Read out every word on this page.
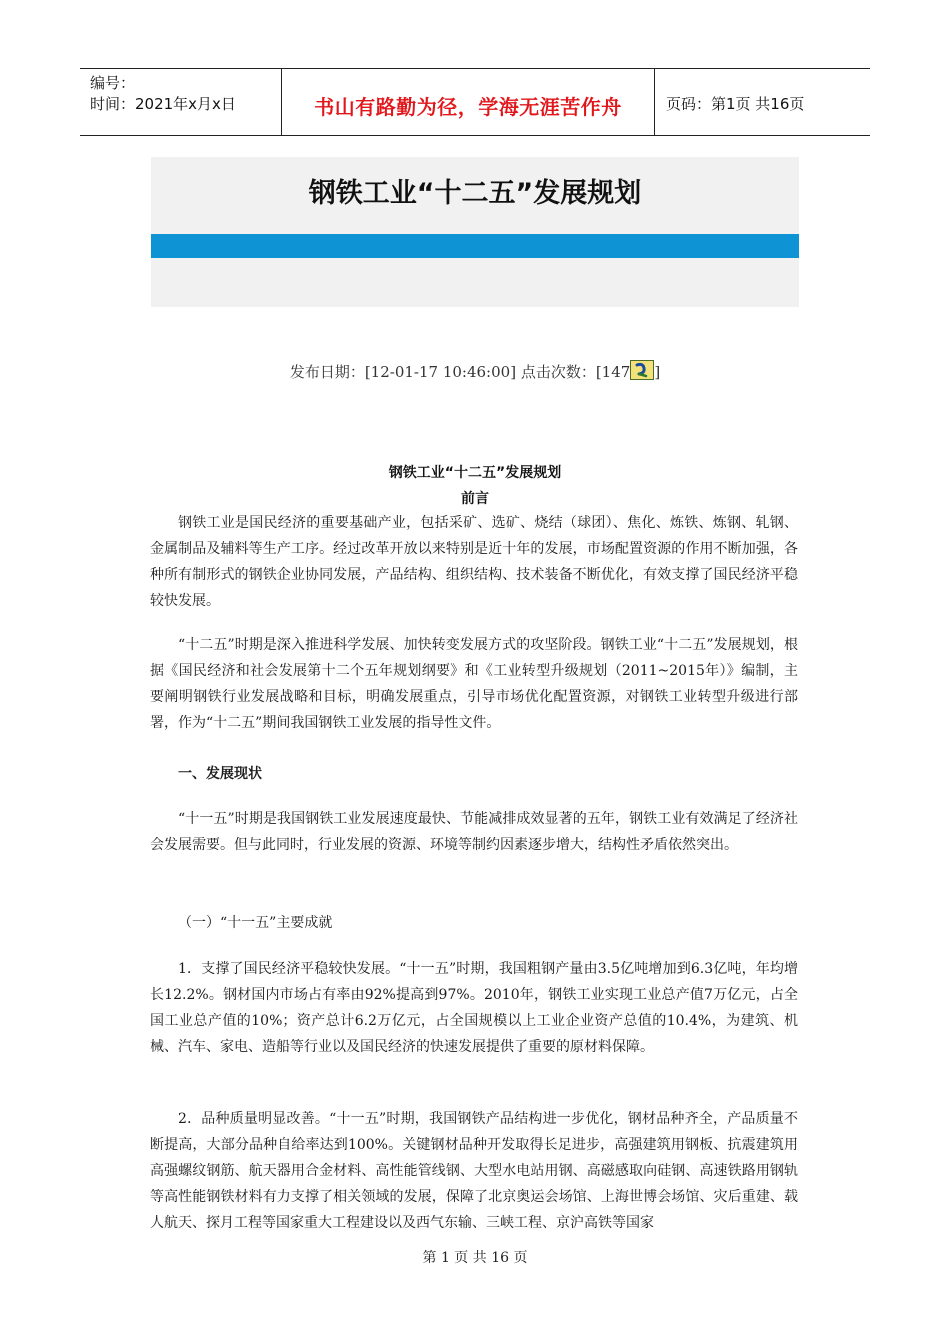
编号：
时间：2021年x月x日	书山有路勤为径，学海无涯苦作舟	页码：第1页 共16页
钢铁工业“十二五”发展规划
发布日期：[12-01-17 10:46:00] 点击次数：[147 ]
钢铁工业“十二五”发展规划
前言

钢铁工业是国民经济的重要基础产业，包括采矿、选矿、烧结（球团）、焦化、炼铁、炼钢、轧钢、金属制品及辅料等生产工序。经过改革开放以来特别是近十年的发展，市场配置资源的作用不断加强，各种所有制形式的钢铁企业协同发展，产品结构、组织结构、技术装备不断优化，有效支撑了国民经济平稳较快发展。

“十二五”时期是深入推进科学发展、加快转变发展方式的攻坚阶段。钢铁工业“十二五”发展规划，根据《国民经济和社会发展第十二个五年规划纲要》和《工业转型升级规划（2011~2015年）》编制，主要阐明钢铁行业发展战略和目标，明确发展重点，引导市场优化配置资源，对钢铁工业转型升级进行部署，作为“十二五”期间我国钢铁工业发展的指导性文件。

一、发展现状

“十一五”时期是我国钢铁工业发展速度最快、节能减排成效显著的五年，钢铁工业有效满足了经济社会发展需要。但与此同时，行业发展的资源、环境等制约因素逐步增大，结构性矛盾依然突出。

（一）“十一五”主要成就

1．支撑了国民经济平稳较快发展。“十一五”时期，我国粗钢产量由3.5亿吨增加到6.3亿吨，年均增长12.2%。钢材国内市场占有率由92%提高到97%。2010年，钢铁工业实现工业总产值7万亿元，占全国工业总产值的10%；资产总计6.2万亿元，占全国规模以上工业企业资产总值的10.4%，为建筑、机械、汽车、家电、造船等行业以及国民经济的快速发展提供了重要的原材料保障。

2．品种质量明显改善。“十一五”时期，我国钢铁产品结构进一步优化，钢材品种齐全，产品质量不断提高，大部分品种自给率达到100%。关键钢材品种开发取得长足进步，高强建筑用钢板、抗震建筑用高强螺纹钢筋、航天器用合金材料、高性能管线钢、大型水电站用钢、高磁感取向硅钢、高速铁路用钢轨等高性能钢铁材料有力支撑了相关领域的发展，保障了北京奥运会场馆、上海世博会场馆、灾后重建、载人航天、探月工程等国家重大工程建设以及西气东输、三峡工程、京沪高铁等国家

第 1 页 共 16 页
